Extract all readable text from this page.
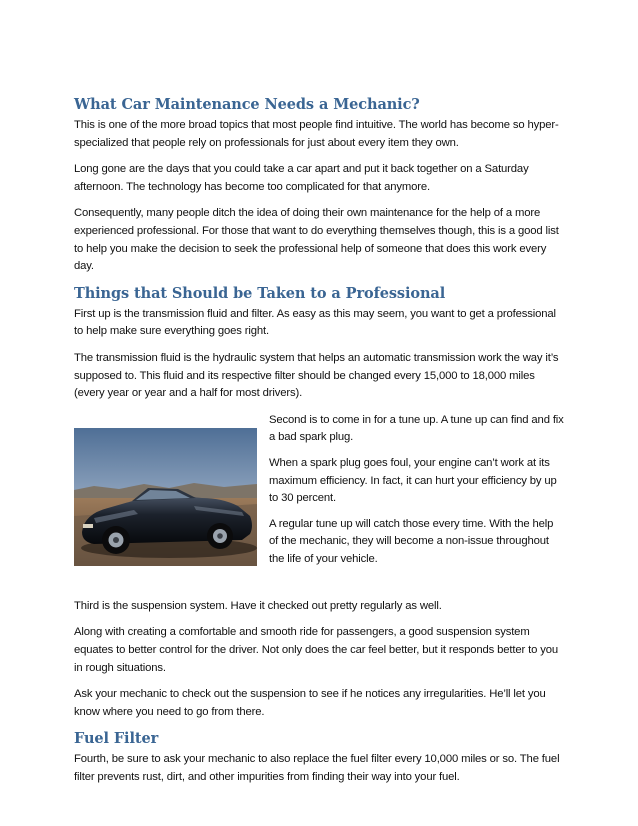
What Car Maintenance Needs a Mechanic?

This is one of the more broad topics that most people find intuitive. The world has become so hyper-specialized that people rely on professionals for just about every item they own.

Long gone are the days that you could take a car apart and put it back together on a Saturday afternoon. The technology has become too complicated for that anymore.

Consequently, many people ditch the idea of doing their own maintenance for the help of a more experienced professional. For those that want to do everything themselves though, this is a good list to help you make the decision to seek the professional help of someone that does this work every day.

Things that Should be Taken to a Professional

First up is the transmission fluid and filter. As easy as this may seem, you want to get a professional to help make sure everything goes right.

The transmission fluid is the hydraulic system that helps an automatic transmission work the way it’s supposed to. This fluid and its respective filter should be changed every 15,000 to 18,000 miles (every year or year and a half for most drivers).

Second is to come in for a tune up. A tune up can find and fix a bad spark plug.

When a spark plug goes foul, your engine can’t work at its maximum efficiency. In fact, it can hurt your efficiency by up to 30 percent.

A regular tune up will catch those every time. With the help of the mechanic, they will become a non-issue throughout the life of your vehicle.

Third is the suspension system. Have it checked out pretty regularly as well.

Along with creating a comfortable and smooth ride for passengers, a good suspension system equates to better control for the driver. Not only does the car feel better, but it responds better to you in rough situations.

Ask your mechanic to check out the suspension to see if he notices any irregularities. He’ll let you know where you need to go from there.

Fuel Filter

Fourth, be sure to ask your mechanic to also replace the fuel filter every 10,000 miles or so. The fuel filter prevents rust, dirt, and other impurities from finding their way into your fuel.
